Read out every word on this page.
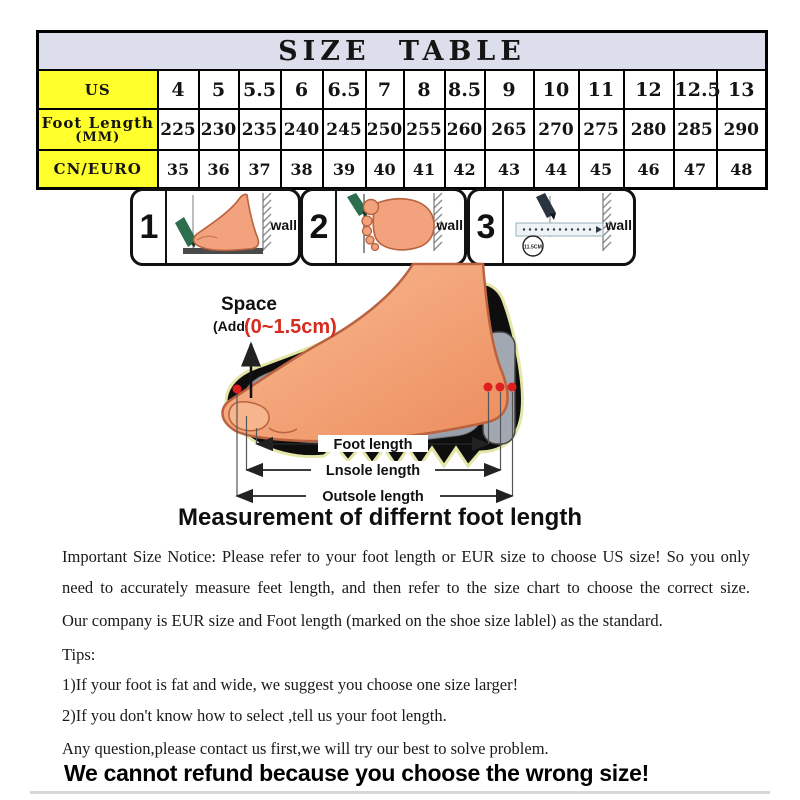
SIZE TABLE														
US	4	5	5.5	6	6.5	7	8	8.5	9	10	11	12	12.5	13
Foot Length
(MM)	225	230	235	240	245	250	255	260	265	270	275	280	285	290
CN/EURO	35	36	37	38	39	40	41	42	43	44	45	46	47	48
1	wall 2	wall 3
11.5CM
wall
Space
(Add (0~1.5cm)
Foot length
Lnsole length
Outsole length
Measurement of differnt foot length
Important Size Notice: Please refer to your foot length or EUR size to choose US size! So you only
need to accurately measure feet length, and then refer to the size chart to choose the correct size.
Our company is EUR size and Foot length (marked on the shoe size lablel) as the standard.
Tips:
1)If your foot is fat and wide, we suggest you choose one size larger!
2)If you don't know how to select ,tell us your foot length.
Any question,please contact us first,we will try our best to solve problem.
We cannot refund because you choose the wrong size!
